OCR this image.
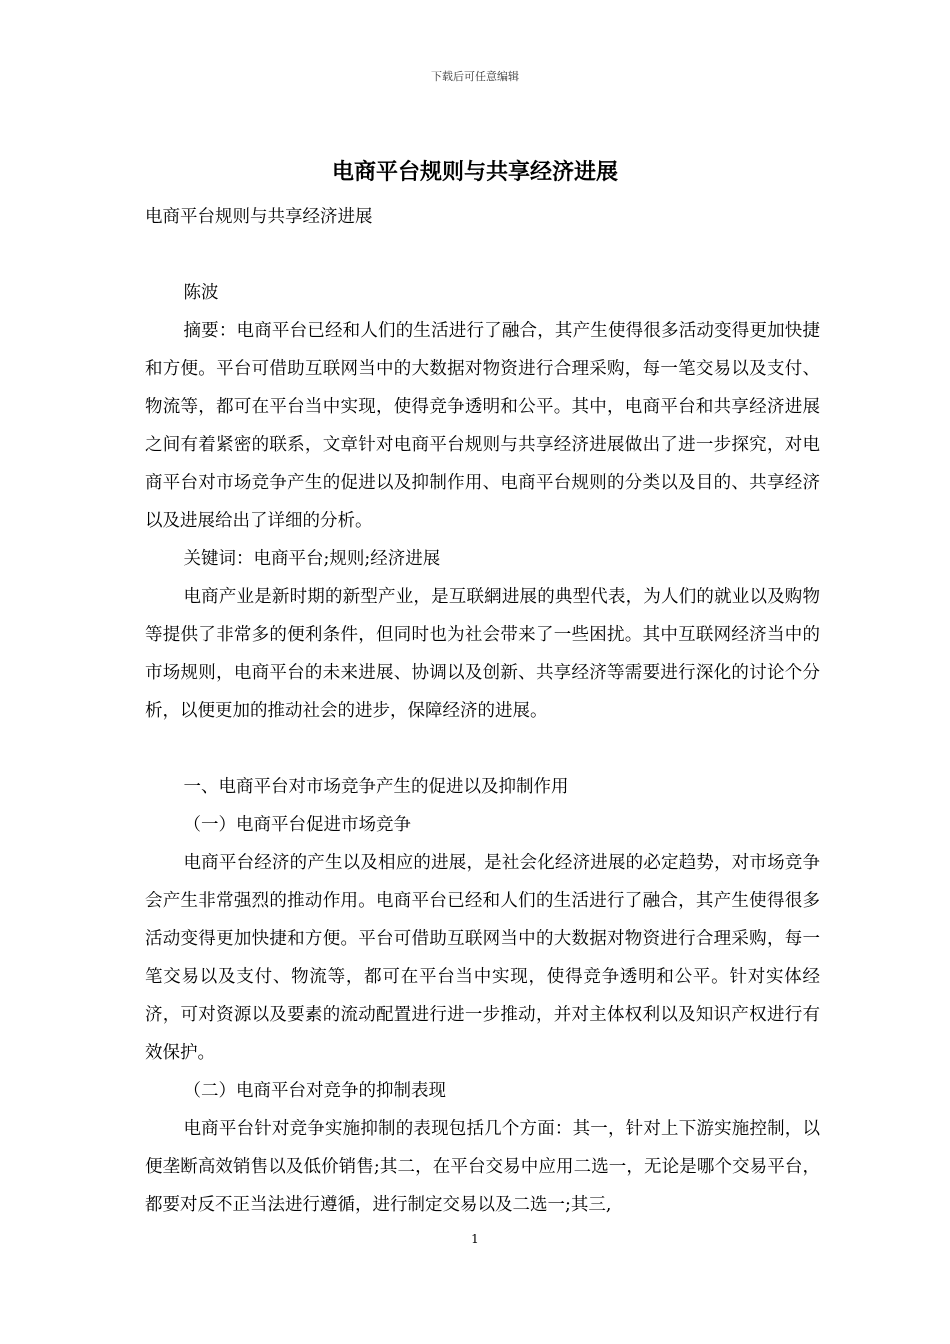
下载后可任意编辑
电商平台规则与共享经济进展

电商平台规则与共享经济进展

陈波

摘要：电商平台已经和人们的生活进行了融合，其产生使得很多活动变得更加快捷和方便。平台可借助互联网当中的大数据对物资进行合理采购，每一笔交易以及支付、物流等，都可在平台当中实现，使得竞争透明和公平。其中，电商平台和共享经济进展之间有着紧密的联系，文章针对电商平台规则与共享经济进展做出了进一步探究，对电商平台对市场竞争产生的促进以及抑制作用、电商平台规则的分类以及目的、共享经济以及进展给出了详细的分析。

关键词：电商平台;规则;经济进展

电商产业是新时期的新型产业，是互联網进展的典型代表，为人们的就业以及购物等提供了非常多的便利条件，但同时也为社会带来了一些困扰。其中互联网经济当中的市场规则，电商平台的未来进展、协调以及创新、共享经济等需要进行深化的讨论个分析，以便更加的推动社会的进步，保障经济的进展。

一、电商平台对市场竞争产生的促进以及抑制作用

（一）电商平台促进市场竞争

电商平台经济的产生以及相应的进展，是社会化经济进展的必定趋势，对市场竞争会产生非常强烈的推动作用。电商平台已经和人们的生活进行了融合，其产生使得很多活动变得更加快捷和方便。平台可借助互联网当中的大数据对物资进行合理采购，每一笔交易以及支付、物流等，都可在平台当中实现，使得竞争透明和公平。针对实体经济，可对资源以及要素的流动配置进行进一步推动，并对主体权利以及知识产权进行有效保护。

（二）电商平台对竞争的抑制表现

电商平台针对竞争实施抑制的表现包括几个方面：其一，针对上下游实施控制，以便垄断高效销售以及低价销售;其二，在平台交易中应用二选一，无论是哪个交易平台，都要对反不正当法进行遵循，进行制定交易以及二选一;其三,

1
